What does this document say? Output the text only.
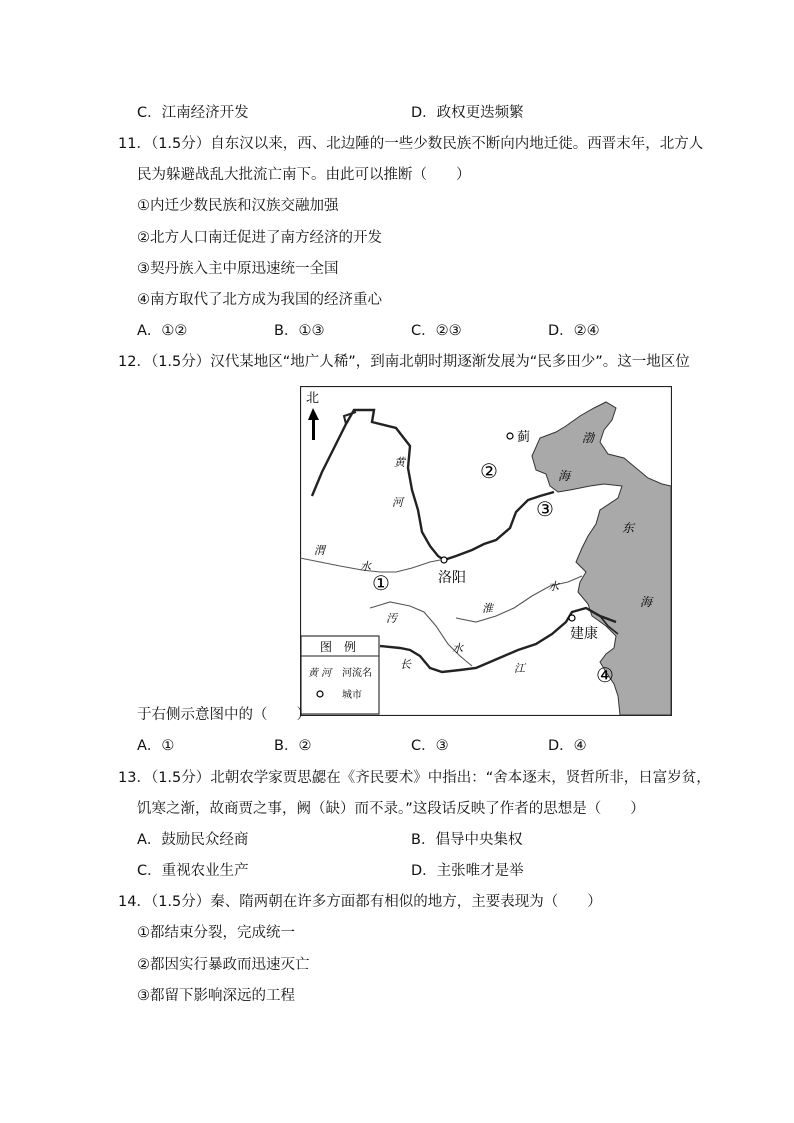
C．江南经济开发	D．政权更迭频繁
11．（1.5分）自东汉以来，西、北边陲的一些少数民族不断向内地迁徙。西晋末年，北方人
民为躲避战乱大批流亡南下。由此可以推断（　　）
①内迁少数民族和汉族交融加强
②北方人口南迁促进了南方经济的开发
③契丹族入主中原迅速统一全国
④南方取代了北方成为我国的经济重心
A．①②	B．①③	C．②③	D．②④
12．（1.5分）汉代某地区“地广人稀”，到南北朝时期逐渐发展为“民多田少”。这一地区位
北
蓟
洛阳
建康
黄
河
渭
水
淮
水
汚
水
长	江
渤
海
东
海
②
③
①
④
图　例
黄 河 河流名
城市
于右侧示意图中的（　　）
A．①	B．②	C．③	D．④
13．（1.5分）北朝农学家贾思勰在《齐民要术》中指出：“舍本逐末，贤哲所非，日富岁贫，
饥寒之渐，故商贾之事，阙（缺）而不录。”这段话反映了作者的思想是（　　）
A．鼓励民众经商	B．倡导中央集权
C．重视农业生产	D．主张唯才是举
14．（1.5分）秦、隋两朝在许多方面都有相似的地方，主要表现为（　　）
①都结束分裂，完成统一
②都因实行暴政而迅速灭亡
③都留下影响深远的工程
